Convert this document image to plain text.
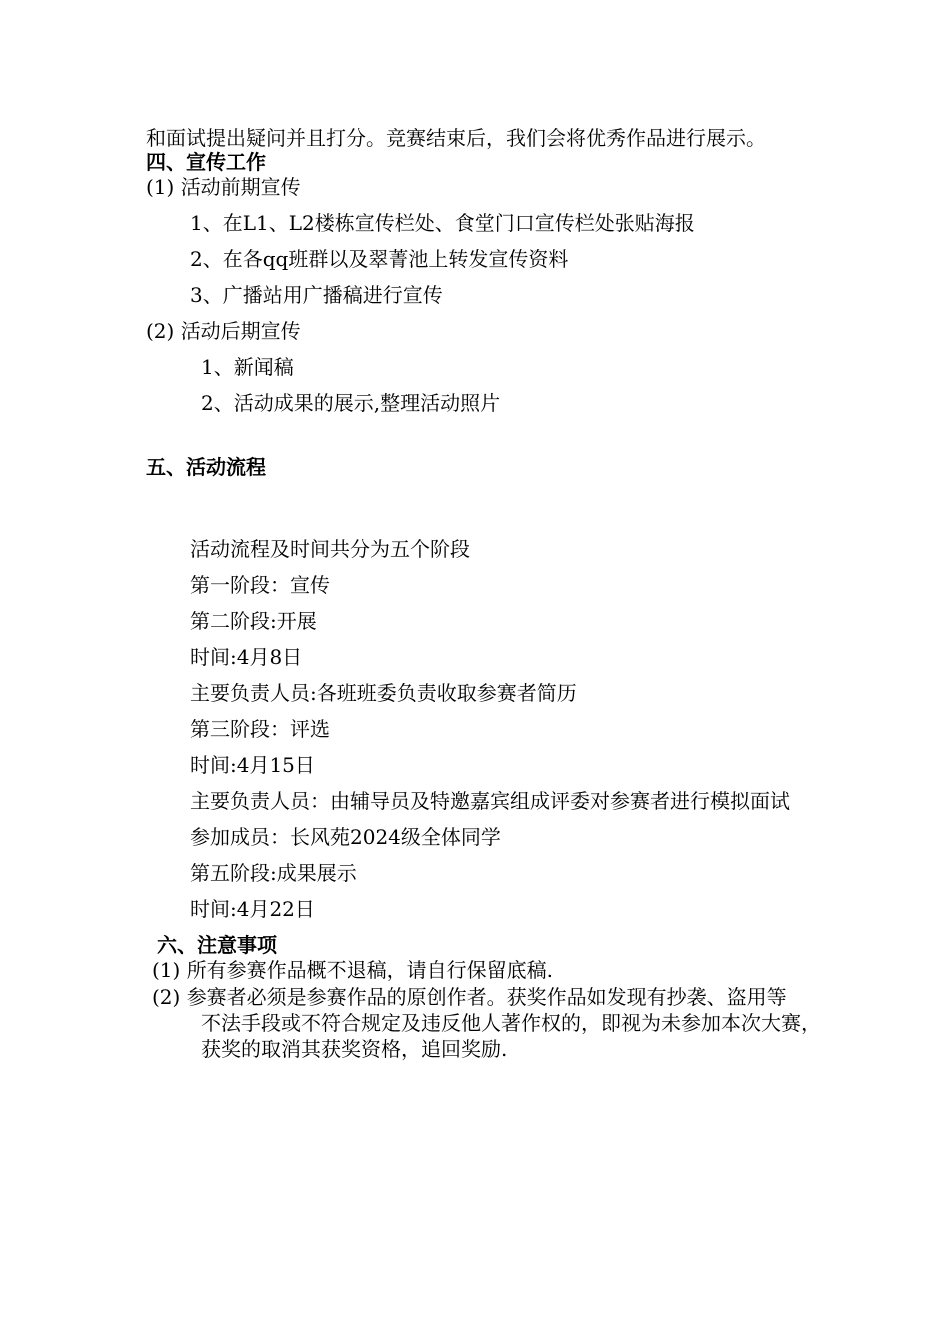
和面试提出疑问并且打分。竞赛结束后，我们会将优秀作品进行展示。
四、宣传工作
(1) 活动前期宣传
1、在L1、L2楼栋宣传栏处、食堂门口宣传栏处张贴海报
2、在各qq班群以及翠菁池上转发宣传资料
3、广播站用广播稿进行宣传
(2) 活动后期宣传
1、新闻稿
2、活动成果的展示,整理活动照片
五、活动流程
活动流程及时间共分为五个阶段
第一阶段：宣传
第二阶段:开展
时间:4月8日
主要负责人员:各班班委负责收取参赛者简历
第三阶段：评选
时间:4月15日
主要负责人员：由辅导员及特邀嘉宾组成评委对参赛者进行模拟面试
参加成员：长风苑2024级全体同学
第五阶段:成果展示
时间:4月22日
六、注意事项
(1) 所有参赛作品概不退稿，请自行保留底稿.
(2) 参赛者必须是参赛作品的原创作者。获奖作品如发现有抄袭、盗用等
不法手段或不符合规定及违反他人著作权的，即视为未参加本次大赛，
获奖的取消其获奖资格，追回奖励.
